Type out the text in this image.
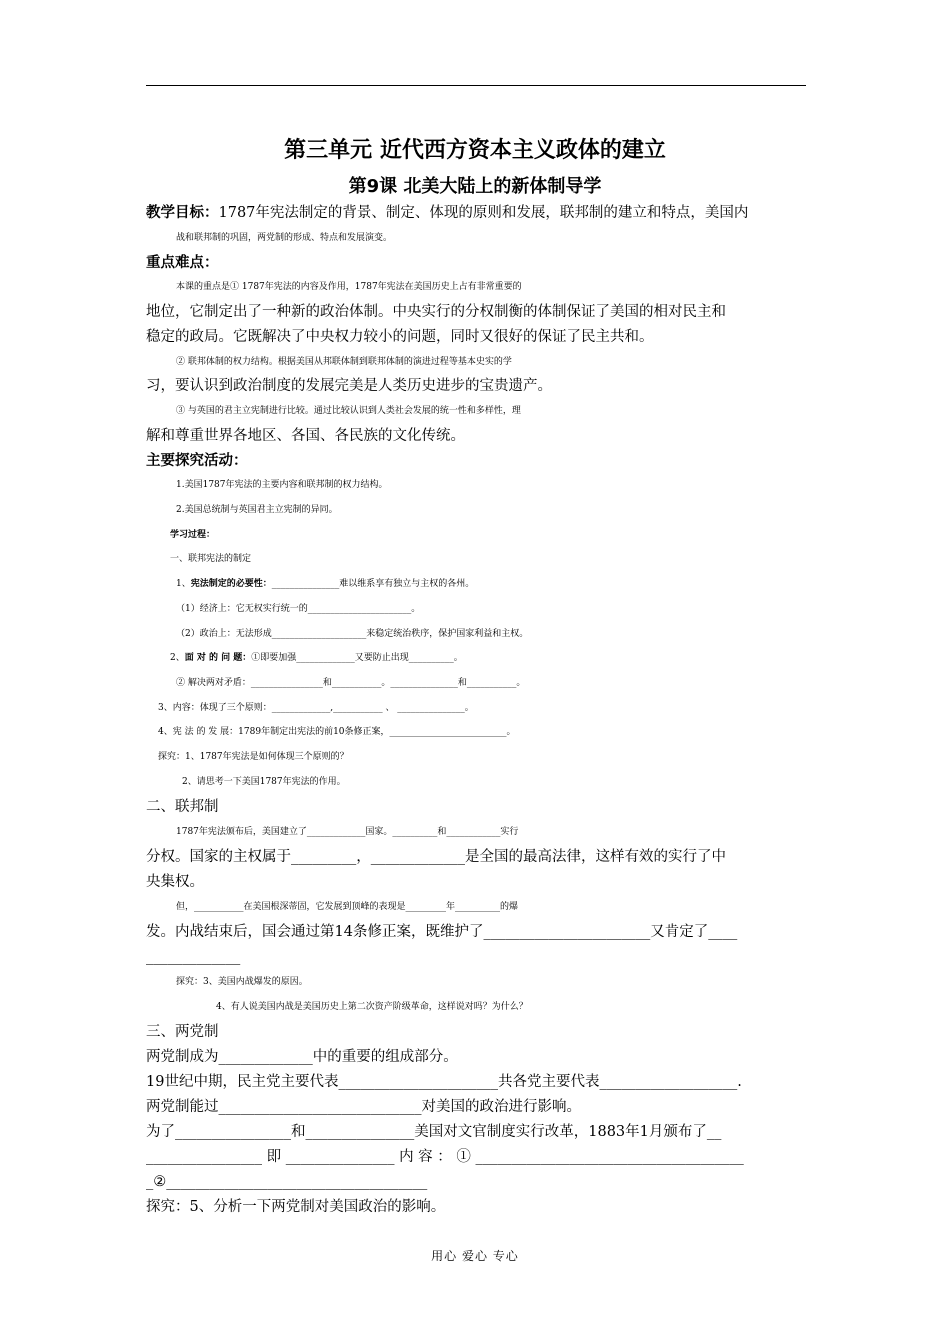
第三单元 近代西方资本主义政体的建立
第9课 北美大陆上的新体制导学
教学目标：1787年宪法制定的背景、制定、体现的原则和发展，联邦制的建立和特点，美国内
战和联邦制的巩固，两党制的形成、特点和发展演变。
重点难点：
本课的重点是① 1787年宪法的内容及作用，1787年宪法在美国历史上占有非常重要的
地位，它制定出了一种新的政治体制。中央实行的分权制衡的体制保证了美国的相对民主和
稳定的政局。它既解决了中央权力较小的问题，同时又很好的保证了民主共和。
② 联邦体制的权力结构。根据美国从邦联体制到联邦体制的演进过程等基本史实的学
习，要认识到政治制度的发展完美是人类历史进步的宝贵遗产。
③ 与英国的君主立宪制进行比较。通过比较认识到人类社会发展的统一性和多样性，理
解和尊重世界各地区、各国、各民族的文化传统。
主要探究活动：
1.美国1787年宪法的主要内容和联邦制的权力结构。
2.美国总统制与英国君主立宪制的异同。
学习过程：
一、联邦宪法的制定
1、宪法制定的必要性：_______________难以维系享有独立与主权的各州。
（1）经济上：它无权实行统一的_______________________。
（2）政治上：无法形成_____________________来稳定统治秩序，保护国家利益和主权。
2、面 对 的 问 题：①即要加强_____________又要防止出现__________。
② 解决两对矛盾：________________和___________。_______________和___________。
3、内容：体现了三个原则：_____________,___________ 、 _______________。
4、宪 法 的 发 展：1789年制定出宪法的前10条修正案，__________________________。
探究：1、1787年宪法是如何体现三个原则的？
2、请思考一下美国1787年宪法的作用。
二、联邦制
1787年宪法颁布后，美国建立了_____________国家。__________和____________实行
分权。国家的主权属于_________，_____________是全国的最高法律，这样有效的实行了中
央集权。
但，___________在美国根深蒂固，它发展到顶峰的表现是_________年__________的爆
发。内战结束后，国会通过第14条修正案，既维护了_______________________又肯定了____
_____________
探究：3、美国内战爆发的原因。
4、有人说美国内战是美国历史上第二次资产阶级革命，这样说对吗？为什么？
三、两党制
两党制成为_____________中的重要的组成部分。
19世纪中期，民主党主要代表______________________共各党主要代表___________________.
两党制能过____________________________对美国的政治进行影响。
为了________________和_______________美国对文官制度实行改革，1883年1月颁布了__
________________ 即 _______________ 内 容 ： ① _____________________________________
_②____________________________________
探究：5、分析一下两党制对美国政治的影响。
用心 爱心 专心
